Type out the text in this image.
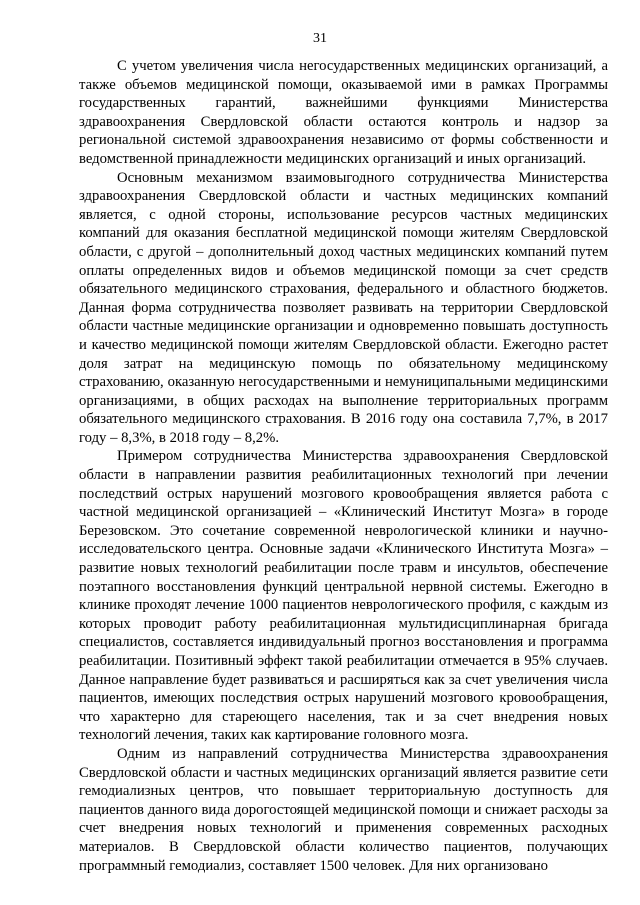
31

С учетом увеличения числа негосударственных медицинских организаций, а также объемов медицинской помощи, оказываемой ими в рамках Программы государственных гарантий, важнейшими функциями Министерства здравоохранения Свердловской области остаются контроль и надзор за региональной системой здравоохранения независимо от формы собственности и ведомственной принадлежности медицинских организаций и иных организаций.

Основным механизмом взаимовыгодного сотрудничества Министерства здравоохранения Свердловской области и частных медицинских компаний является, с одной стороны, использование ресурсов частных медицинских компаний для оказания бесплатной медицинской помощи жителям Свердловской области, с другой – дополнительный доход частных медицинских компаний путем оплаты определенных видов и объемов медицинской помощи за счет средств обязательного медицинского страхования, федерального и областного бюджетов. Данная форма сотрудничества позволяет развивать на территории Свердловской области частные медицинские организации и одновременно повышать доступность и качество медицинской помощи жителям Свердловской области. Ежегодно растет доля затрат на медицинскую помощь по обязательному медицинскому страхованию, оказанную негосударственными и немуниципальными медицинскими организациями, в общих расходах на выполнение территориальных программ обязательного медицинского страхования. В 2016 году она составила 7,7%, в 2017 году – 8,3%, в 2018 году – 8,2%.

Примером сотрудничества Министерства здравоохранения Свердловской области в направлении развития реабилитационных технологий при лечении последствий острых нарушений мозгового кровообращения является работа с частной медицинской организацией – «Клинический Институт Мозга» в городе Березовском. Это сочетание современной неврологической клиники и научно-исследовательского центра. Основные задачи «Клинического Института Мозга» – развитие новых технологий реабилитации после травм и инсультов, обеспечение поэтапного восстановления функций центральной нервной системы. Ежегодно в клинике проходят лечение 1000 пациентов неврологического профиля, с каждым из которых проводит работу реабилитационная мультидисциплинарная бригада специалистов, составляется индивидуальный прогноз восстановления и программа реабилитации. Позитивный эффект такой реабилитации отмечается в 95% случаев. Данное направление будет развиваться и расширяться как за счет увеличения числа пациентов, имеющих последствия острых нарушений мозгового кровообращения, что характерно для стареющего населения, так и за счет внедрения новых технологий лечения, таких как картирование головного мозга.

Одним из направлений сотрудничества Министерства здравоохранения Свердловской области и частных медицинских организаций является развитие сети гемодиализных центров, что повышает территориальную доступность для пациентов данного вида дорогостоящей медицинской помощи и снижает расходы за счет внедрения новых технологий и применения современных расходных материалов. В Свердловской области количество пациентов, получающих программный гемодиализ, составляет 1500 человек. Для них организовано
